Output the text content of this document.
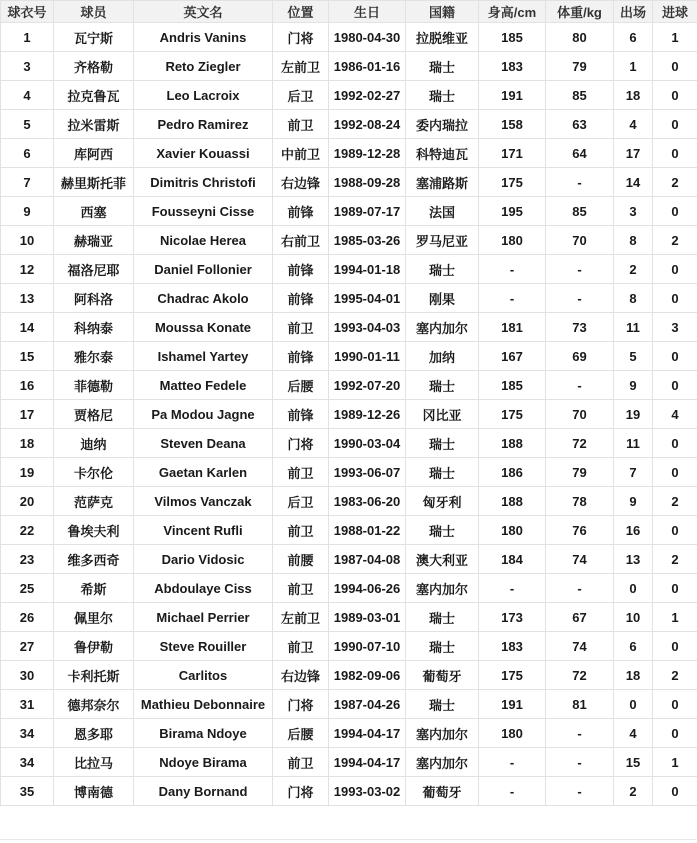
球衣号	球员	英文名	位置	生日	国籍	身高/cm	体重/kg	出场	进球
1	瓦宁斯	Andris Vanins	门将	1980-04-30	拉脱维亚	185	80	6	1
3	齐格勒	Reto Ziegler	左前卫	1986-01-16	瑞士	183	79	1	0
4	拉克鲁瓦	Leo Lacroix	后卫	1992-02-27	瑞士	191	85	18	0
5	拉米雷斯	Pedro Ramirez	前卫	1992-08-24	委内瑞拉	158	63	4	0
6	库阿西	Xavier Kouassi	中前卫	1989-12-28	科特迪瓦	171	64	17	0
7	赫里斯托菲	Dimitris Christofi	右边锋	1988-09-28	塞浦路斯	175	-	14	2
9	西塞	Fousseyni Cisse	前锋	1989-07-17	法国	195	85	3	0
10	赫瑞亚	Nicolae Herea	右前卫	1985-03-26	罗马尼亚	180	70	8	2
12	福洛尼耶	Daniel Follonier	前锋	1994-01-18	瑞士	-	-	2	0
13	阿科洛	Chadrac Akolo	前锋	1995-04-01	刚果	-	-	8	0
14	科纳泰	Moussa Konate	前卫	1993-04-03	塞内加尔	181	73	11	3
15	雅尔泰	Ishamel Yartey	前锋	1990-01-11	加纳	167	69	5	0
16	菲德勒	Matteo Fedele	后腰	1992-07-20	瑞士	185	-	9	0
17	贾格尼	Pa Modou Jagne	前锋	1989-12-26	冈比亚	175	70	19	4
18	迪纳	Steven Deana	门将	1990-03-04	瑞士	188	72	11	0
19	卡尔伦	Gaetan Karlen	前卫	1993-06-07	瑞士	186	79	7	0
20	范萨克	Vilmos Vanczak	后卫	1983-06-20	匈牙利	188	78	9	2
22	鲁埃夫利	Vincent Rufli	前卫	1988-01-22	瑞士	180	76	16	0
23	维多西奇	Dario Vidosic	前腰	1987-04-08	澳大利亚	184	74	13	2
25	希斯	Abdoulaye Ciss	前卫	1994-06-26	塞内加尔	-	-	0	0
26	佩里尔	Michael Perrier	左前卫	1989-03-01	瑞士	173	67	10	1
27	鲁伊勒	Steve Rouiller	前卫	1990-07-10	瑞士	183	74	6	0
30	卡利托斯	Carlitos	右边锋	1982-09-06	葡萄牙	175	72	18	2
31	德邦奈尔	Mathieu Debonnaire	门将	1987-04-26	瑞士	191	81	0	0
34	恩多耶	Birama Ndoye	后腰	1994-04-17	塞内加尔	180	-	4	0
34	比拉马	Ndoye Birama	前卫	1994-04-17	塞内加尔	-	-	15	1
35	博南德	Dany Bornand	门将	1993-03-02	葡萄牙	-	-	2	0
